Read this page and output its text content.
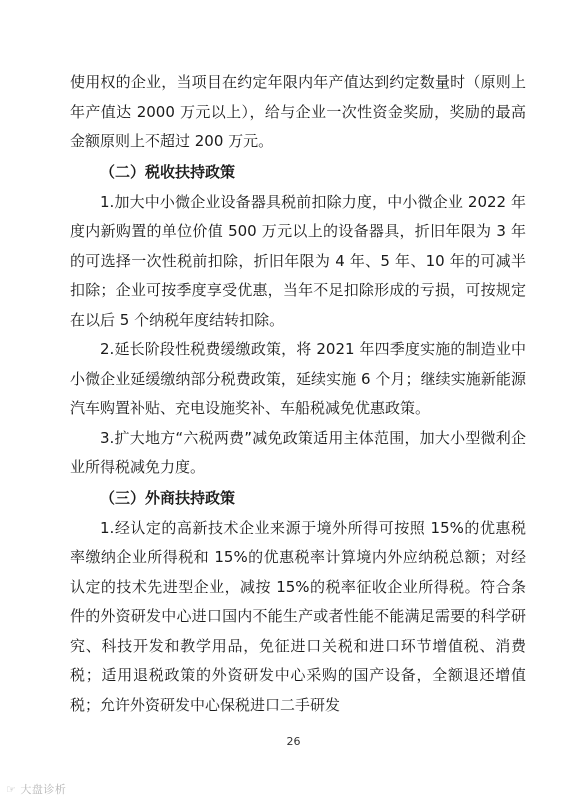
使用权的企业，当项目在约定年限内年产值达到约定数量时（原则上年产值达 2000 万元以上），给与企业一次性资金奖励，奖励的最高金额原则上不超过 200 万元。

（二）税收扶持政策

1.加大中小微企业设备器具税前扣除力度，中小微企业 2022 年度内新购置的单位价值 500 万元以上的设备器具，折旧年限为 3 年的可选择一次性税前扣除，折旧年限为 4 年、5 年、10 年的可减半扣除；企业可按季度享受优惠，当年不足扣除形成的亏损，可按规定在以后 5 个纳税年度结转扣除。

2.延长阶段性税费缓缴政策，将 2021 年四季度实施的制造业中小微企业延缓缴纳部分税费政策，延续实施 6 个月；继续实施新能源汽车购置补贴、充电设施奖补、车船税减免优惠政策。

3.扩大地方“六税两费”减免政策适用主体范围，加大小型微利企业所得税减免力度。

（三）外商扶持政策

1.经认定的高新技术企业来源于境外所得可按照 15%的优惠税率缴纳企业所得税和 15%的优惠税率计算境内外应纳税总额；对经认定的技术先进型企业，减按 15%的税率征收企业所得税。符合条件的外资研发中心进口国内不能生产或者性能不能满足需要的科学研究、科技开发和教学用品，免征进口关税和进口环节增值税、消费税；适用退税政策的外资研发中心采购的国产设备，全额退还增值税；允许外资研发中心保税进口二手研发

26
☞ 大盘诊析
